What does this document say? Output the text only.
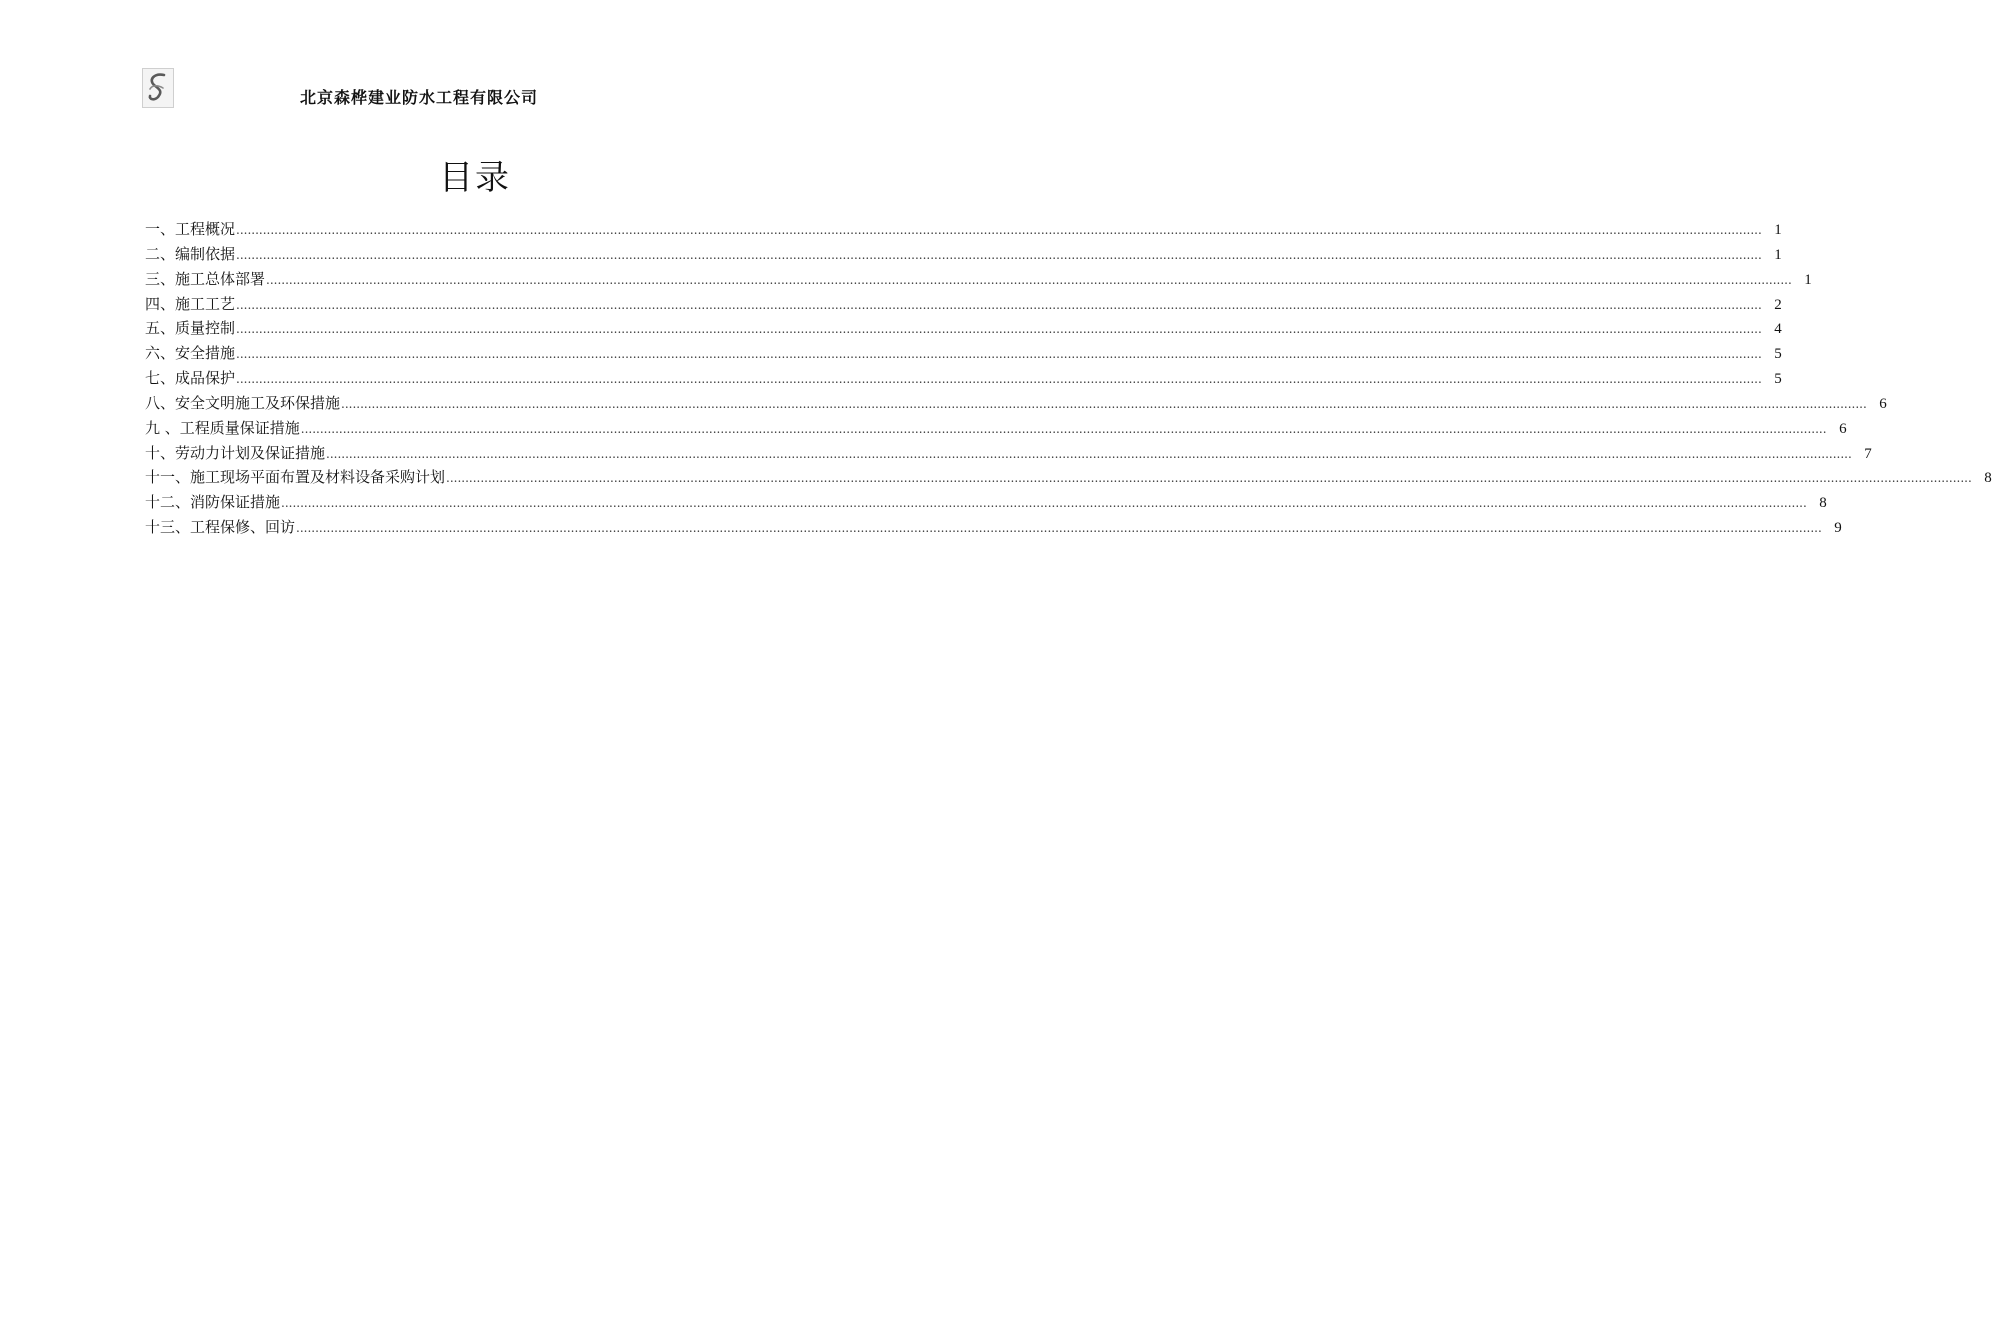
北京森桦建业防水工程有限公司
目录
一、工程概况 ................................................................................................................................................................................................................................................................................................................................................................................................................ 1
二、编制依据 ................................................................................................................................................................................................................................................................................................................................................................................................................ 1
三、施工总体部署 ................................................................................................................................................................................................................................................................................................................................................................................................................ 1
四、施工工艺 ................................................................................................................................................................................................................................................................................................................................................................................................................ 2
五、质量控制 ................................................................................................................................................................................................................................................................................................................................................................................................................ 4
六、安全措施 ................................................................................................................................................................................................................................................................................................................................................................................................................ 5
七、成品保护 ................................................................................................................................................................................................................................................................................................................................................................................................................ 5
八、安全文明施工及环保措施 ................................................................................................................................................................................................................................................................................................................................................................................................................ 6
九 、工程质量保证措施 ................................................................................................................................................................................................................................................................................................................................................................................................................ 6
十、劳动力计划及保证措施 ................................................................................................................................................................................................................................................................................................................................................................................................................ 7
十一、施工现场平面布置及材料设备采购计划 ................................................................................................................................................................................................................................................................................................................................................................................................................ 8
十二、消防保证措施 ................................................................................................................................................................................................................................................................................................................................................................................................................ 8
十三、工程保修、回访 ................................................................................................................................................................................................................................................................................................................................................................................................................ 9
